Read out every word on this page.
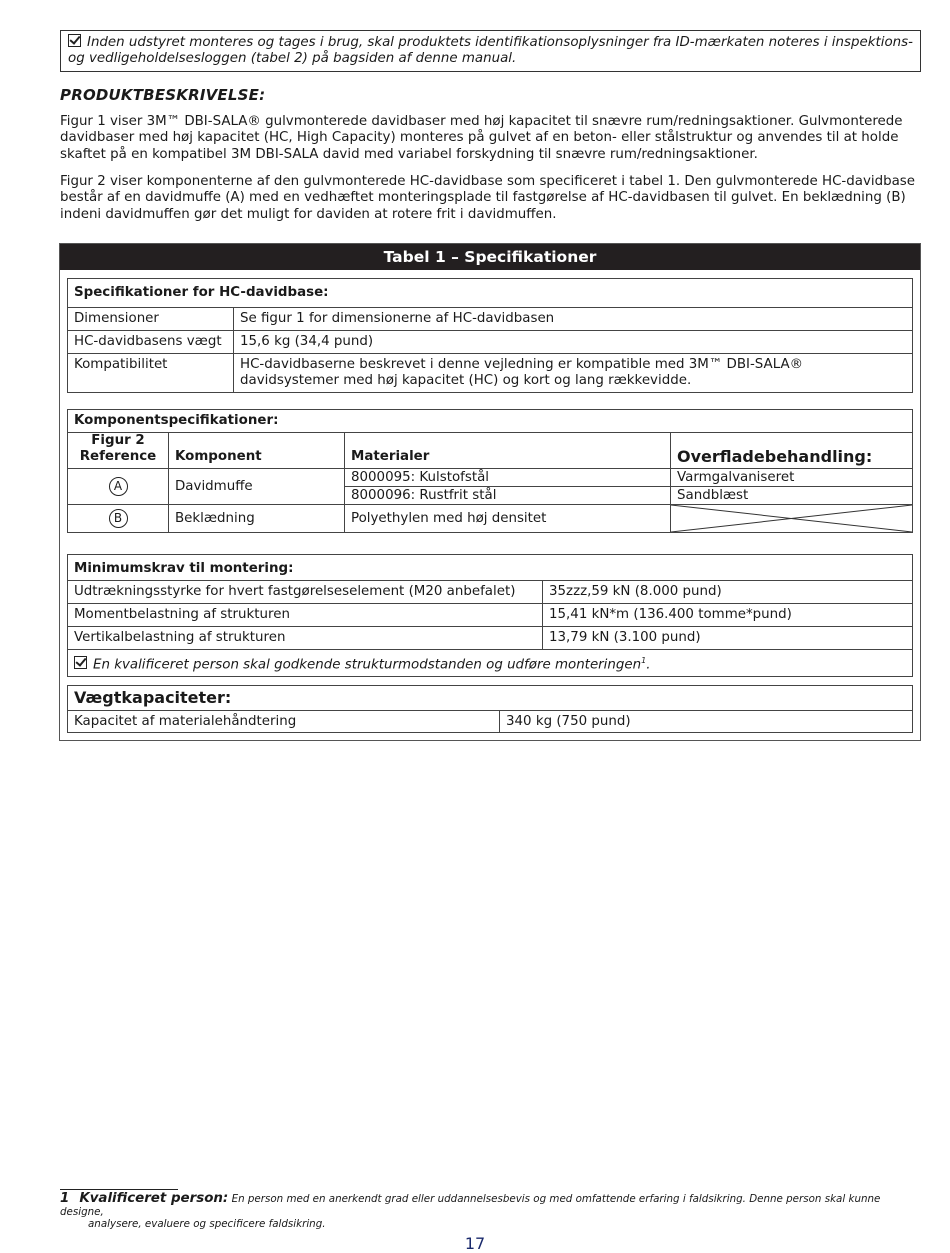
Inden udstyret monteres og tages i brug, skal produktets identifikationsoplysninger fra ID-mærkaten noteres i inspektions- og vedligeholdelsesloggen (tabel 2) på bagsiden af denne manual.
PRODUKTBESKRIVELSE:

Figur 1 viser 3M™ DBI-SALA® gulvmonterede davidbaser med høj kapacitet til snævre rum/redningsaktioner. Gulvmonterede davidbaser med høj kapacitet (HC, High Capacity) monteres på gulvet af en beton- eller stålstruktur og anvendes til at holde skaftet på en kompatibel 3M DBI-SALA david med variabel forskydning til snævre rum/redningsaktioner.

Figur 2 viser komponenterne af den gulvmonterede HC-davidbase som specificeret i tabel 1. Den gulvmonterede HC-davidbase består af en davidmuffe (A) med en vedhæftet monteringsplade til fastgørelse af HC-davidbasen til gulvet. En beklædning (B) indeni davidmuffen gør det muligt for daviden at rotere frit i davidmuffen.

Tabel 1 – Specifikationer
Specifikationer for HC-davidbase:	
Dimensioner	Se figur 1 for dimensionerne af HC-davidbasen
HC-davidbasens vægt	15,6 kg (34,4 pund)
Kompatibilitet	HC-davidbaserne beskrevet i denne vejledning er kompatible med 3M™ DBI-SALA® davidsystemer med høj kapacitet (HC) og kort og lang rækkevidde.
Komponentspecifikationer:			
Figur 2 Reference	Komponent	Materialer	Overfladebehandling:
A	Davidmuffe	8000095: Kulstofstål	Varmgalvaniseret
		8000096: Rustfrit stål	Sandblæst
B	Beklædning	Polyethylen med høj densitet	
Minimumskrav til montering:	
Udtrækningsstyrke for hvert fastgørelseselement (M20 anbefalet)	35zzz,59 kN (8.000 pund)
Momentbelastning af strukturen	15,41 kN*m (136.400 tomme*pund)
Vertikalbelastning af strukturen	13,79 kN (3.100 pund)
En kvalificeret person skal godkende strukturmodstanden og udføre monteringen$^1$.	
Vægtkapaciteter:
Kapacitet af materialehåndtering	340 kg (750 pund)
1 Kvalificeret person: En person med en anerkendt grad eller uddannelsesbevis og med omfattende erfaring i faldsikring. Denne person skal kunne designe,
analysere, evaluere og specificere faldsikring.
17
